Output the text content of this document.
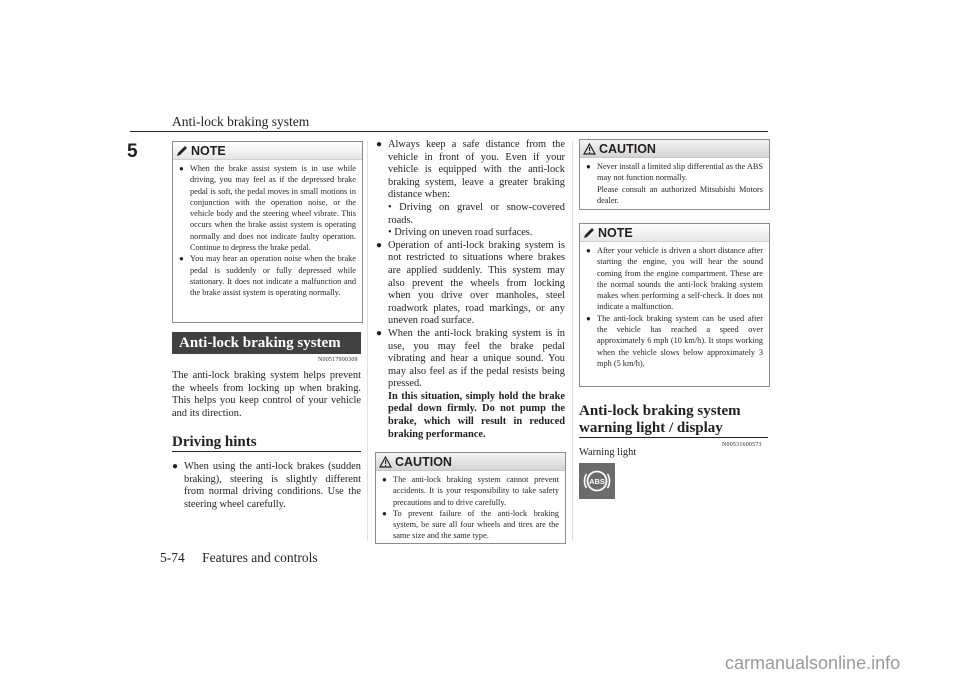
Anti-lock braking system
5	NOTE
● When the brake assist system is in use while driving, you may feel as if the depressed brake pedal is soft, the pedal moves in small motions in conjunction with the operation noise, or the vehicle body and the steering wheel vibrate. This occurs when the brake assist system is operating normally and does not indicate faulty operation. Continue to depress the brake pedal.
● You may hear an operation noise when the brake pedal is suddenly or fully depressed while stationary. It does not indicate a malfunction and the brake assist system is operating normally.
Anti-lock braking system
N00517900309
The anti-lock braking system helps prevent the wheels from locking up when braking. This helps you keep control of your vehicle and its direction.
Driving hints
● When using the anti-lock brakes (sudden braking), steering is slightly different from normal driving conditions. Use the steering wheel carefully.
● Always keep a safe distance from the vehicle in front of you. Even if your vehicle is equipped with the anti-lock braking system, leave a greater braking distance when:
• Driving on gravel or snow-covered roads.
• Driving on uneven road surfaces.
● Operation of anti-lock braking system is not restricted to situations where brakes are applied suddenly. This system may also prevent the wheels from locking when you drive over manholes, steel roadwork plates, road markings, or any uneven road surface.
● When the anti-lock braking system is in use, you may feel the brake pedal vibrating and hear a unique sound. You may also feel as if the pedal resists being pressed.
In this situation, simply hold the brake pedal down firmly. Do not pump the brake, which will result in reduced braking performance.
CAUTION
● The anti-lock braking system cannot prevent accidents. It is your responsibility to take safety precautions and to drive carefully.
● To prevent failure of the anti-lock braking system, be sure all four wheels and tires are the same size and the same type.
CAUTION
● Never install a limited slip differential as the ABS may not function normally.
Please consult an authorized Mitsubishi Motors dealer.
NOTE
● After your vehicle is driven a short distance after starting the engine, you will hear the sound coming from the engine compartment. These are the normal sounds the anti-lock braking system makes when performing a self-check. It does not indicate a malfunction.
● The anti-lock braking system can be used after the vehicle has reached a speed over approximately 6 mph (10 km/h). It stops working when the vehicle slows below approximately 3 mph (5 km/h).
Anti-lock braking system warning light / display
N00531600573
Warning light
ABS
5-74 Features and controls
carmanualsonline.info
